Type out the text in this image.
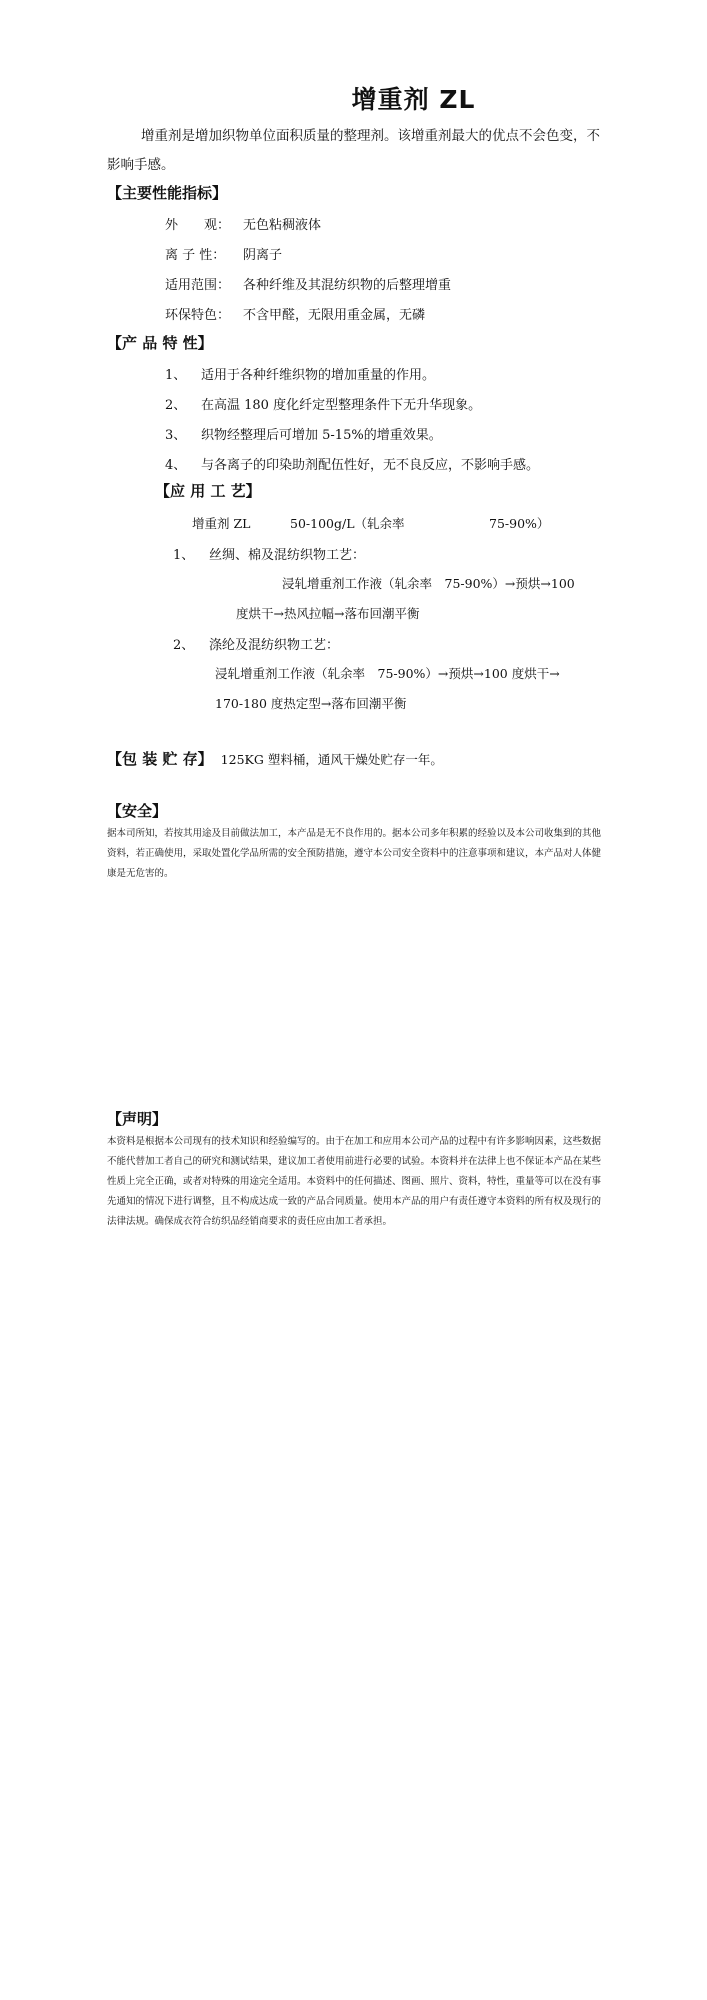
增重剂 ZL
增重剂是增加织物单位面积质量的整理剂。该增重剂最大的优点不会色变，不影响手感。
【主要性能指标】
外　　观： 无色粘稠液体
离 子 性： 阴离子
适用范围： 各种纤维及其混纺织物的后整理增重
环保特色： 不含甲醛，无限用重金属，无磷
【产 品 特 性】
1、 适用于各种纤维织物的增加重量的作用。
2、 在高温 180 度化纤定型整理条件下无升华现象。
3、 织物经整理后可增加 5-15%的增重效果。
4、 与各离子的印染助剂配伍性好，无不良反应，不影响手感。
【应 用 工 艺】
增重剂 ZL	50-100g/L（轧余率	75-90%）
1、 丝绸、棉及混纺织物工艺：
浸轧增重剂工作液（轧余率　75-90%）→预烘→100
度烘干→热风拉幅→落布回潮平衡
2、 涤纶及混纺织物工艺：
浸轧增重剂工作液（轧余率　75-90%）→预烘→100 度烘干→
170-180 度热定型→落布回潮平衡
【包 装 贮 存】 125KG 塑料桶，通风干燥处贮存一年。
【安全】
据本司所知，若按其用途及目前做法加工，本产品是无不良作用的。据本公司多年积累的经验以及本公司收集到的其他资料，若正确使用，采取处置化学品所需的安全预防措施，遵守本公司安全资料中的注意事项和建议，本产品对人体健康是无危害的。
【声明】
本资料是根据本公司现有的技术知识和经验编写的。由于在加工和应用本公司产品的过程中有许多影响因素，这些数据不能代替加工者自己的研究和测试结果，建议加工者使用前进行必要的试验。本资料并在法律上也不保证本产品在某些性质上完全正确，或者对特殊的用途完全适用。本资料中的任何描述、图画、照片、资料，特性，重量等可以在没有事先通知的情况下进行调整，且不构成达成一致的产品合同质量。使用本产品的用户有责任遵守本资料的所有权及现行的法律法规。确保成衣符合纺织品经销商要求的责任应由加工者承担。
